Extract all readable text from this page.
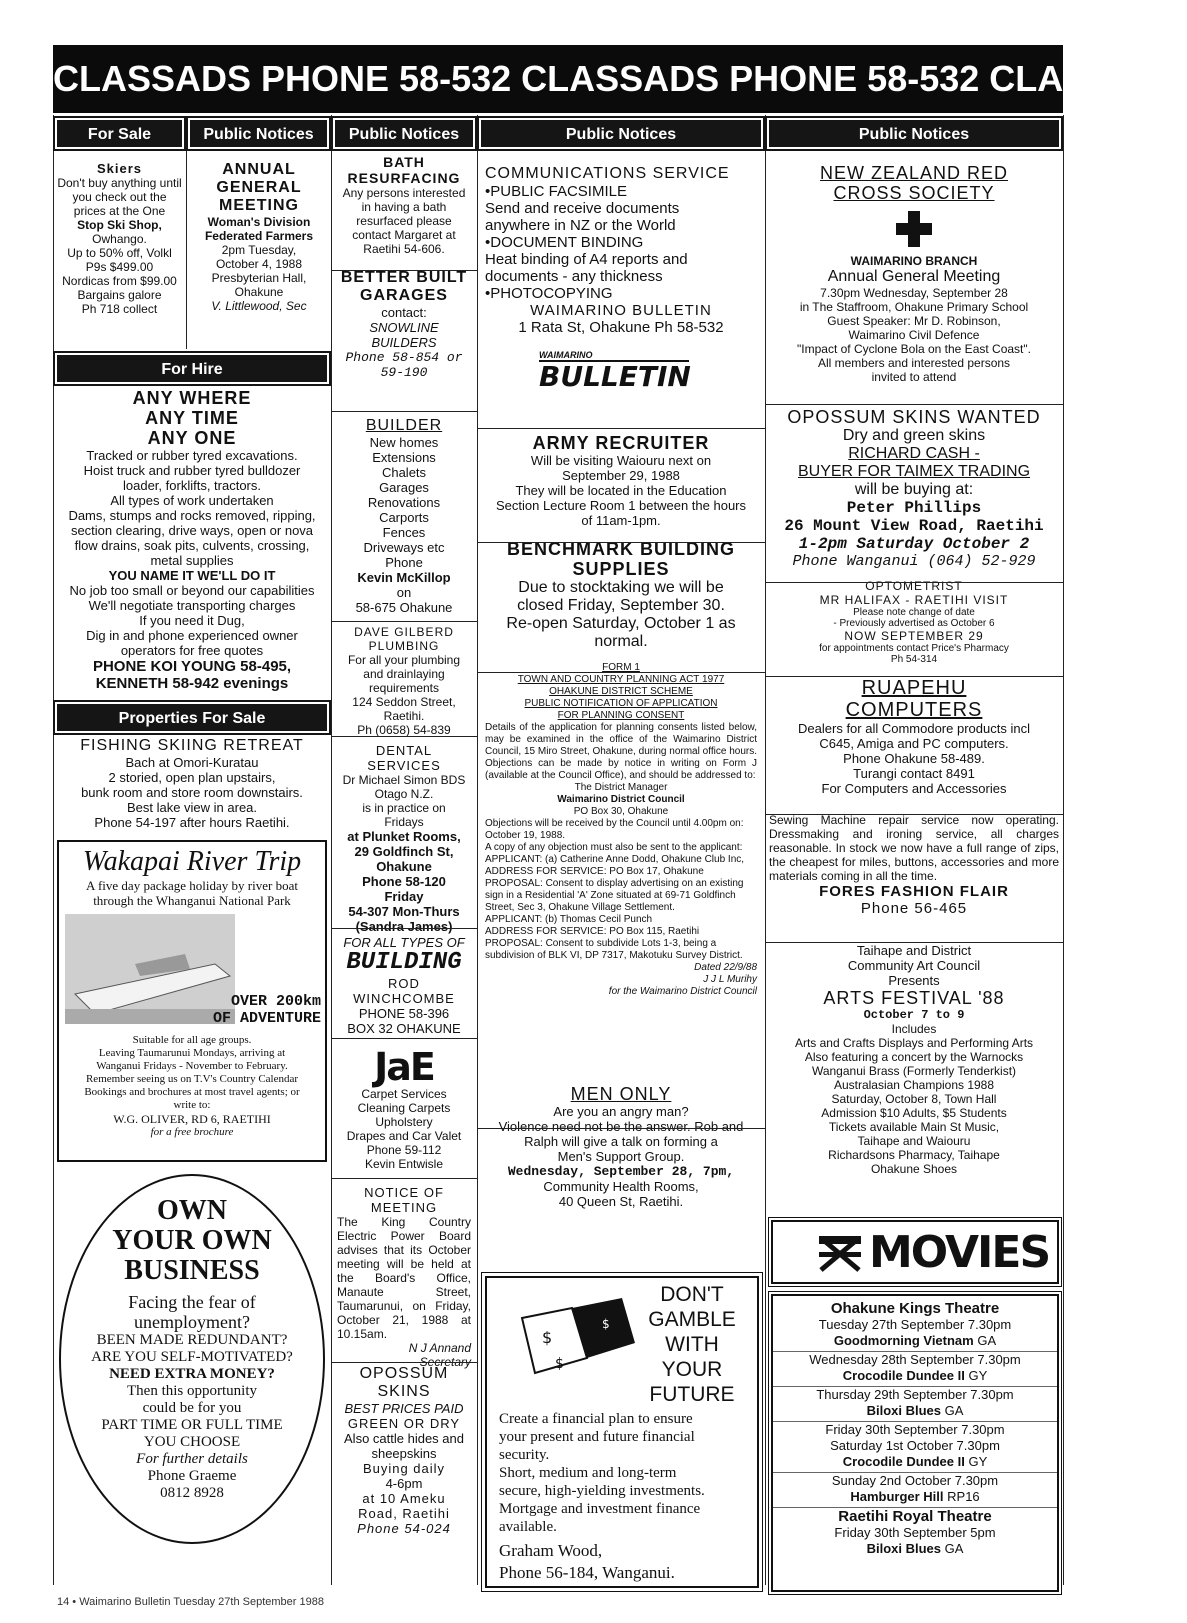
CLASSADS PHONE 58-532 CLASSADS PHONE 58-532 CLASSADS
For Sale	Public Notices
Skiers
Don't buy anything until
you check out the
prices at the One
Stop Ski Shop,
Owhango.
Up to 50% off, Volkl
P9s $499.00
Nordicas from $99.00
Bargains galore
Ph 718 collect
ANNUAL GENERAL MEETING
Woman's Division
Federated Farmers
2pm Tuesday,
October 4, 1988
Presbyterian Hall,
Ohakune
V. Littlewood, Sec
For Hire
ANY WHERE
ANY TIME
ANY ONE
Tracked or rubber tyred excavations.
Hoist truck and rubber tyred bulldozer
loader, forklifts, tractors.
All types of work undertaken
Dams, stumps and rocks removed, ripping,
section clearing, drive ways, open or nova
flow drains, soak pits, culvents, crossing,
metal supplies
YOU NAME IT WE'LL DO IT
No job too small or beyond our capabilities
We'll negotiate transporting charges
If you need it Dug,
Dig in and phone experienced owner
operators for free quotes
PHONE KOI YOUNG 58-495,
KENNETH 58-942 evenings
Properties For Sale
FISHING SKIING RETREAT
Bach at Omori-Kuratau
2 storied, open plan upstairs,
bunk room and store room downstairs.
Best lake view in area.
Phone 54-197 after hours Raetihi.
Wakapai River Trip
A five day package holiday by river boat through the Whanganui National Park
OVER 200km
OF ADVENTURE
Suitable for all age groups.
Leaving Taumarunui Mondays, arriving at
Wanganui Fridays - November to February.
Remember seeing us on T.V's Country Calendar
Bookings and brochures at most travel agents; or
write to:
W.G. OLIVER, RD 6, RAETIHI
for a free brochure
OWN
YOUR OWN
BUSINESS
Facing the fear of
unemployment?
BEEN MADE REDUNDANT?
ARE YOU SELF-MOTIVATED?
NEED EXTRA MONEY?
Then this opportunity
could be for you
PART TIME OR FULL TIME
YOU CHOOSE
For further details
Phone Graeme
0812 8928
Public Notices
BATH RESURFACING
Any persons interested
in having a bath
resurfaced please
contact Margaret at
Raetihi 54-606.
BETTER BUILT GARAGES
contact:
SNOWLINE
BUILDERS
Phone 58-854 or
59-190
BUILDER
New homes
Extensions
Chalets
Garages
Renovations
Carports
Fences
Driveways etc
Phone
Kevin McKillop
on
58-675 Ohakune
DAVE GILBERD PLUMBING
For all your plumbing
and drainlaying
requirements
124 Seddon Street,
Raetihi.
Ph (0658) 54-839
DENTAL SERVICES
Dr Michael Simon BDS
Otago N.Z.
is in practice on
Fridays
at Plunket Rooms,
29 Goldfinch St,
Ohakune
Phone 58-120
Friday
54-307 Mon-Thurs
(Sandra James)
FOR ALL TYPES OF
BUILDING
ROD
WINCHCOMBE
PHONE 58-396
BOX 32 OHAKUNE
JaE
Carpet Services
Cleaning Carpets
Upholstery
Drapes and Car Valet
Phone 59-112
Kevin Entwisle
NOTICE OF MEETING
The King Country Electric Power Board advises that its October meeting will be held at the Board's Office, Manaute Street, Taumarunui, on Friday, October 21, 1988 at 10.15am.
N J Annand
Secretary
OPOSSUM SKINS
BEST PRICES PAID
GREEN OR DRY
Also cattle hides and
sheepskins
Buying daily
4-6pm
at 10 Ameku
Road, Raetihi
Phone 54-024
Public Notices
COMMUNICATIONS SERVICE
•PUBLIC FACSIMILE
Send and receive documents
anywhere in NZ or the World
•DOCUMENT BINDING
Heat binding of A4 reports and
documents - any thickness
•PHOTOCOPYING
WAIMARINO BULLETIN
1 Rata St, Ohakune Ph 58-532
WAIMARINO
BULLETIN
ARMY RECRUITER
Will be visiting Waiouru next on
September 29, 1988
They will be located in the Education
Section Lecture Room 1 between the hours
of 11am-1pm.
BENCHMARK BUILDING
SUPPLIES
Due to stocktaking we will be
closed Friday, September 30.
Re-open Saturday, October 1 as
normal.
FORM 1
TOWN AND COUNTRY PLANNING ACT 1977
OHAKUNE DISTRICT SCHEME
PUBLIC NOTIFICATION OF APPLICATION
FOR PLANNING CONSENT
Details of the application for planning consents listed below, may be examined in the office of the Waimarino District Council, 15 Miro Street, Ohakune, during normal office hours. Objections can be made by notice in writing on Form J (available at the Council Office), and should be addressed to:
The District Manager
Waimarino District Council
PO Box 30, Ohakune
Objections will be received by the Council until 4.00pm on: October 19, 1988.
A copy of any objection must also be sent to the applicant:
APPLICANT: (a) Catherine Anne Dodd, Ohakune Club Inc,
ADDRESS FOR SERVICE: PO Box 17, Ohakune
PROPOSAL: Consent to display advertising on an existing sign in a Residential 'A' Zone situated at 69-71 Goldfinch Street, Sec 3, Ohakune Village Settlement.
APPLICANT: (b) Thomas Cecil Punch
ADDRESS FOR SERVICE: PO Box 115, Raetihi
PROPOSAL: Consent to subdivide Lots 1-3, being a subdivision of BLK VI, DP 7317, Makotuku Survey District.
Dated 22/9/88
J J L Murihy
for the Waimarino District Council
MEN ONLY
Are you an angry man?
Violence need not be the answer. Rob and
Ralph will give a talk on forming a
Men's Support Group.
Wednesday, September 28, 7pm,
Community Health Rooms,
40 Queen St, Raetihi.
$
$
$
DON'T
GAMBLE
WITH
YOUR
FUTURE
Create a financial plan to ensure
your present and future financial
security.
Short, medium and long-term
secure, high-yielding investments.
Mortgage and investment finance
available.
Graham Wood,
Phone 56-184, Wanganui.
Public Notices
NEW ZEALAND RED
CROSS SOCIETY
WAIMARINO BRANCH
Annual General Meeting
7.30pm Wednesday, September 28
in The Staffroom, Ohakune Primary School
Guest Speaker: Mr D. Robinson,
Waimarino Civil Defence
"Impact of Cyclone Bola on the East Coast".
All members and interested persons
invited to attend
OPOSSUM SKINS WANTED
Dry and green skins
RICHARD CASH -
BUYER FOR TAIMEX TRADING
will be buying at:
Peter Phillips
26 Mount View Road, Raetihi
1-2pm Saturday October 2
Phone Wanganui (064) 52-929
OPTOMETRIST
MR HALIFAX - RAETIHI VISIT
Please note change of date
- Previously advertised as October 6
NOW SEPTEMBER 29
for appointments contact Price's Pharmacy
Ph 54-314
RUAPEHU
COMPUTERS
Dealers for all Commodore products incl
C645, Amiga and PC computers.
Phone Ohakune 58-489.
Turangi contact 8491
For Computers and Accessories
Sewing Machine repair service now operating. Dressmaking and ironing service, all charges reasonable. In stock we now have a full range of zips, the cheapest for miles, buttons, accessories and more materials coming in all the time.
FORES FASHION FLAIR
Phone 56-465
Taihape and District
Community Art Council
Presents
ARTS FESTIVAL '88
October 7 to 9
Includes
Arts and Crafts Displays and Performing Arts
Also featuring a concert by the Warnocks
Wanganui Brass (Formerly Tenderkist)
Australasian Champions 1988
Saturday, October 8, Town Hall
Admission $10 Adults, $5 Students
Tickets available Main St Music,
Taihape and Waiouru
Richardsons Pharmacy, Taihape
Ohakune Shoes
MOVIES
Ohakune Kings Theatre
Tuesday 27th September 7.30pm
Goodmorning Vietnam GA
Wednesday 28th September 7.30pm
Crocodile Dundee II GY
Thursday 29th September 7.30pm
Biloxi Blues GA
Friday 30th September 7.30pm
Saturday 1st October 7.30pm
Crocodile Dundee II GY
Sunday 2nd October 7.30pm
Hamburger Hill RP16
Raetihi Royal Theatre
Friday 30th September 5pm
Biloxi Blues GA
14 • Waimarino Bulletin Tuesday 27th September 1988
